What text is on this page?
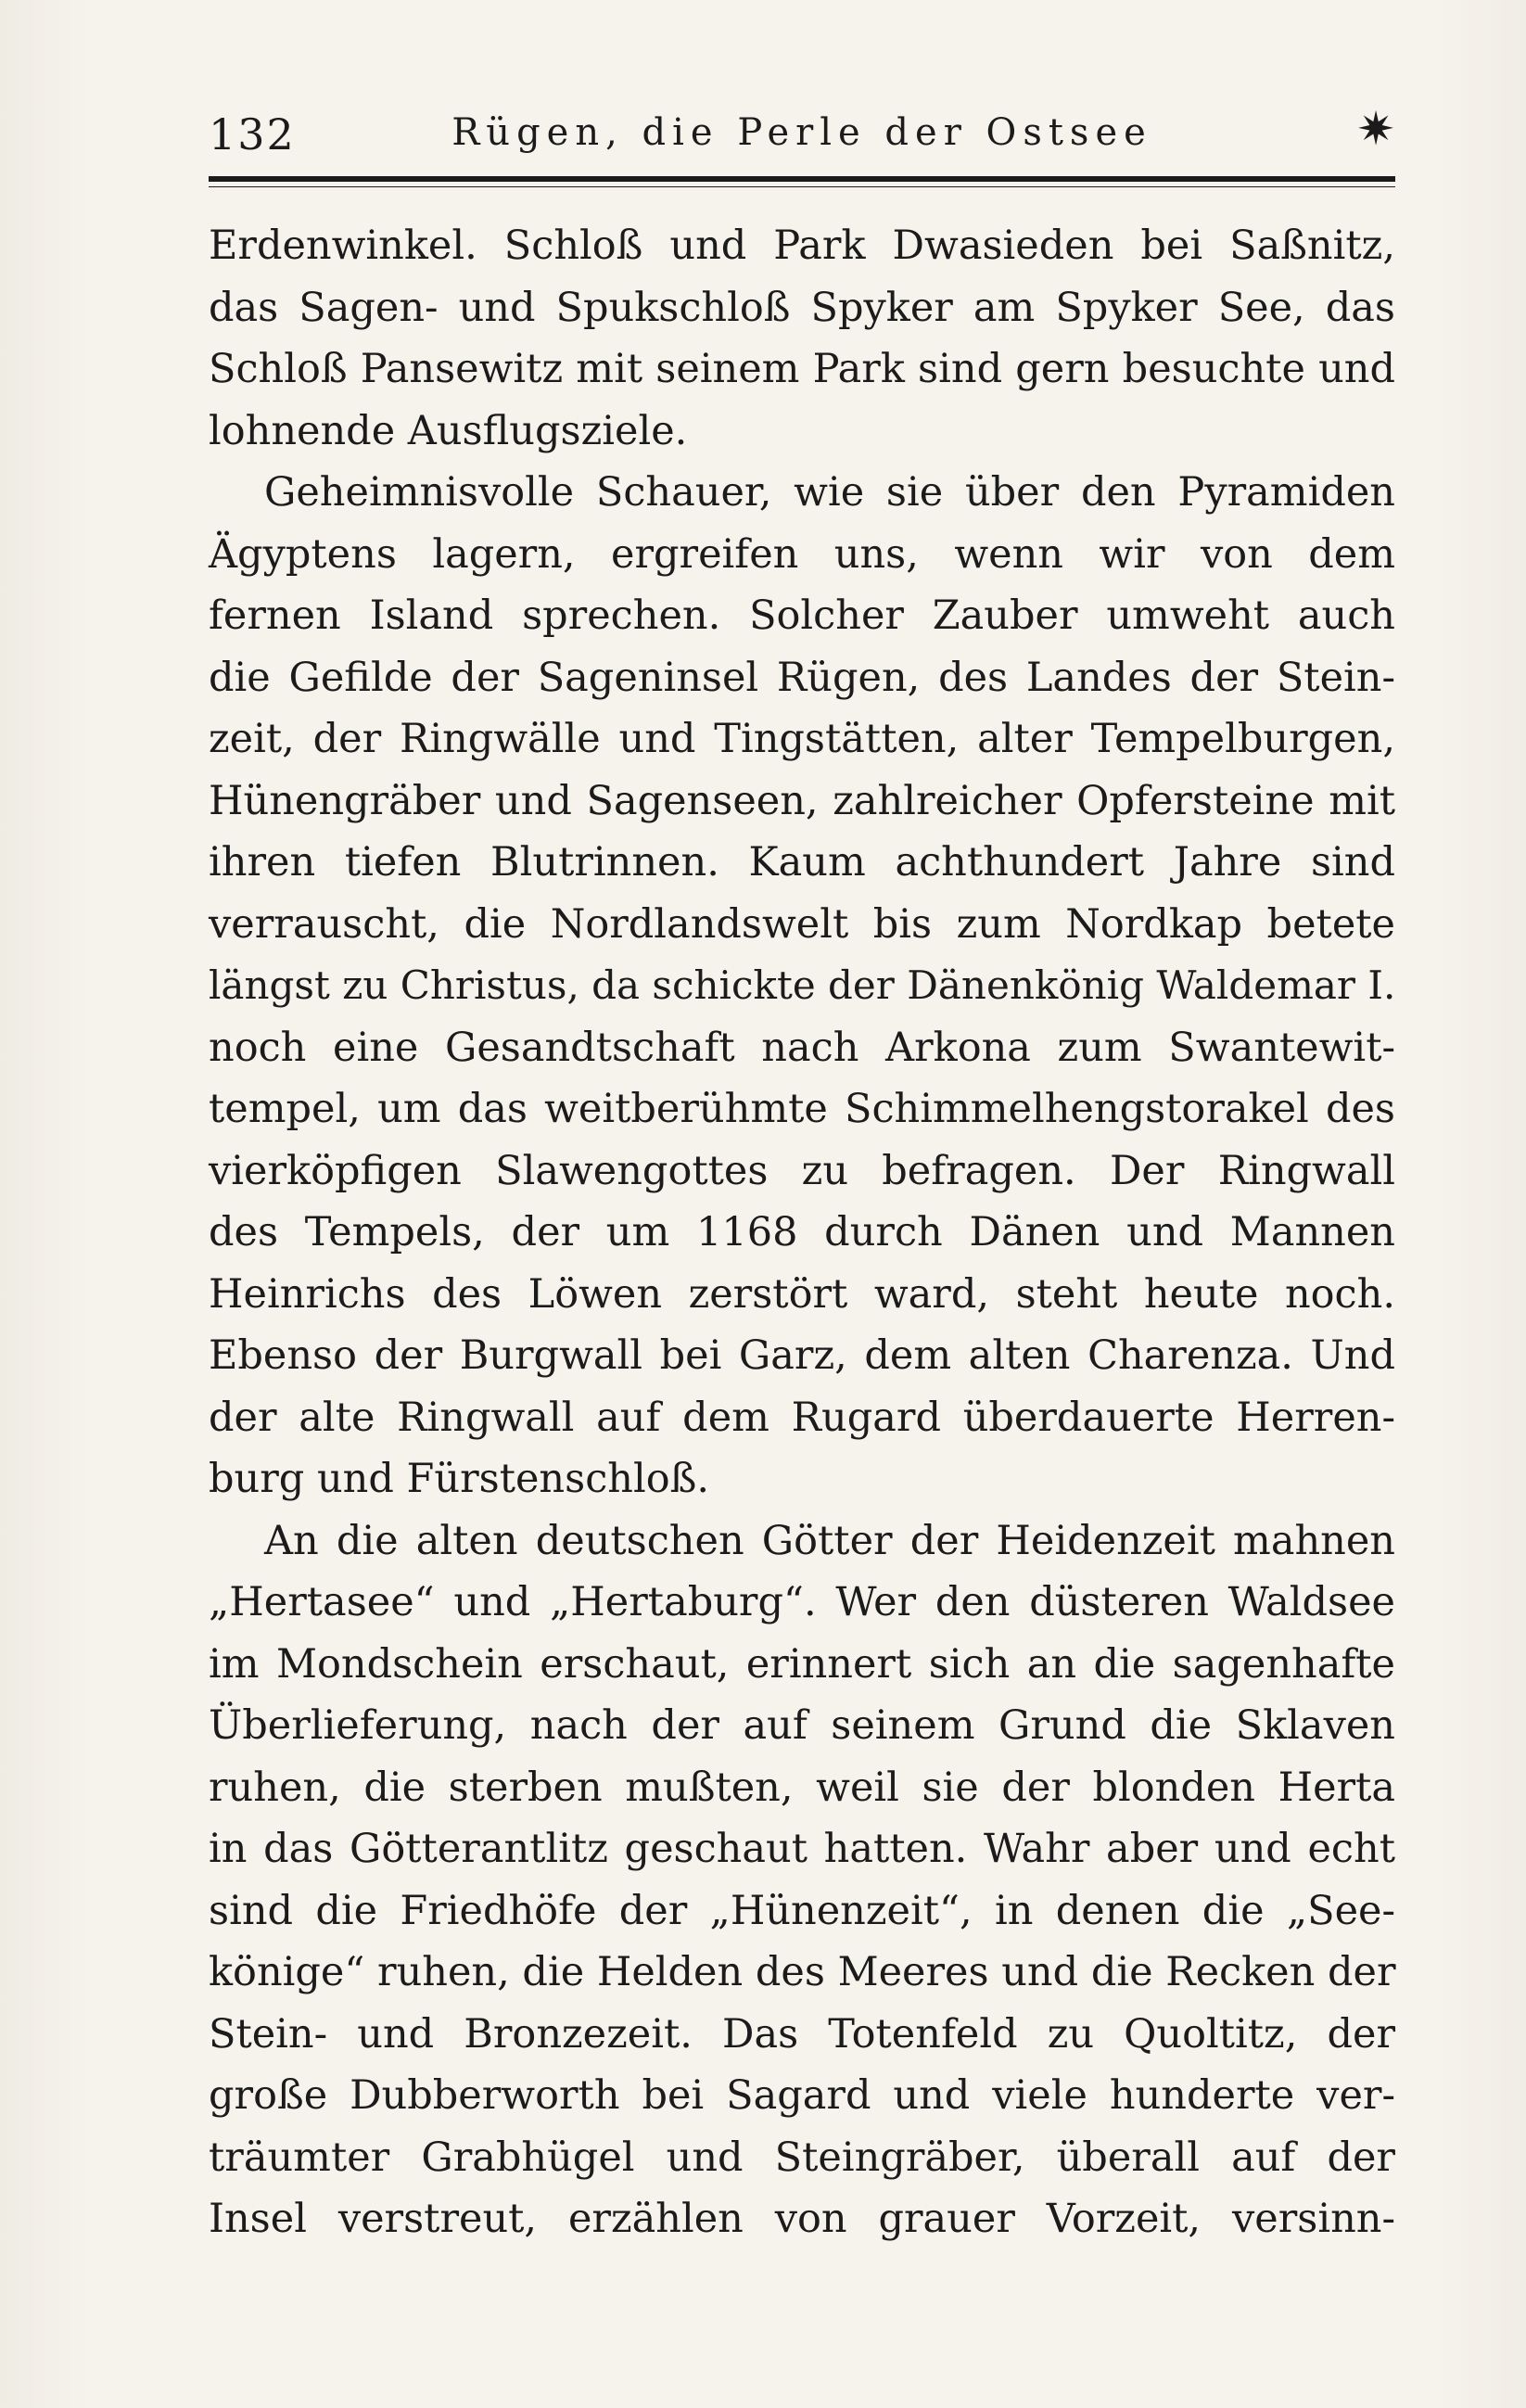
132	Rügen, die Perle der Ostsee	✷
Erdenwinkel. Schloß und Park Dwasieden bei Saßnitz,
das Sagen- und Spukschloß Spyker am Spyker See, das
Schloß Pansewitz mit seinem Park sind gern besuchte und
lohnende Ausflugsziele.
Geheimnisvolle Schauer, wie sie über den Pyramiden
Ägyptens lagern, ergreifen uns, wenn wir von dem
fernen Island sprechen. Solcher Zauber umweht auch
die Gefilde der Sageninsel Rügen, des Landes der Stein-
zeit, der Ringwälle und Tingstätten, alter Tempelburgen,
Hünengräber und Sagenseen, zahlreicher Opfersteine mit
ihren tiefen Blutrinnen. Kaum achthundert Jahre sind
verrauscht, die Nordlandswelt bis zum Nordkap betete
längst zu Christus, da schickte der Dänenkönig Waldemar I.
noch eine Gesandtschaft nach Arkona zum Swantewit-
tempel, um das weitberühmte Schimmelhengstorakel des
vierköpfigen Slawengottes zu befragen. Der Ringwall
des Tempels, der um 1168 durch Dänen und Mannen
Heinrichs des Löwen zerstört ward, steht heute noch.
Ebenso der Burgwall bei Garz, dem alten Charenza. Und
der alte Ringwall auf dem Rugard überdauerte Herren-
burg und Fürstenschloß.
An die alten deutschen Götter der Heidenzeit mahnen
„Hertasee“ und „Hertaburg“. Wer den düsteren Waldsee
im Mondschein erschaut, erinnert sich an die sagenhafte
Überlieferung, nach der auf seinem Grund die Sklaven
ruhen, die sterben mußten, weil sie der blonden Herta
in das Götterantlitz geschaut hatten. Wahr aber und echt
sind die Friedhöfe der „Hünenzeit“, in denen die „See-
könige“ ruhen, die Helden des Meeres und die Recken der
Stein- und Bronzezeit. Das Totenfeld zu Quoltitz, der
große Dubberworth bei Sagard und viele hunderte ver-
träumter Grabhügel und Steingräber, überall auf der
Insel verstreut, erzählen von grauer Vorzeit, versinn-
